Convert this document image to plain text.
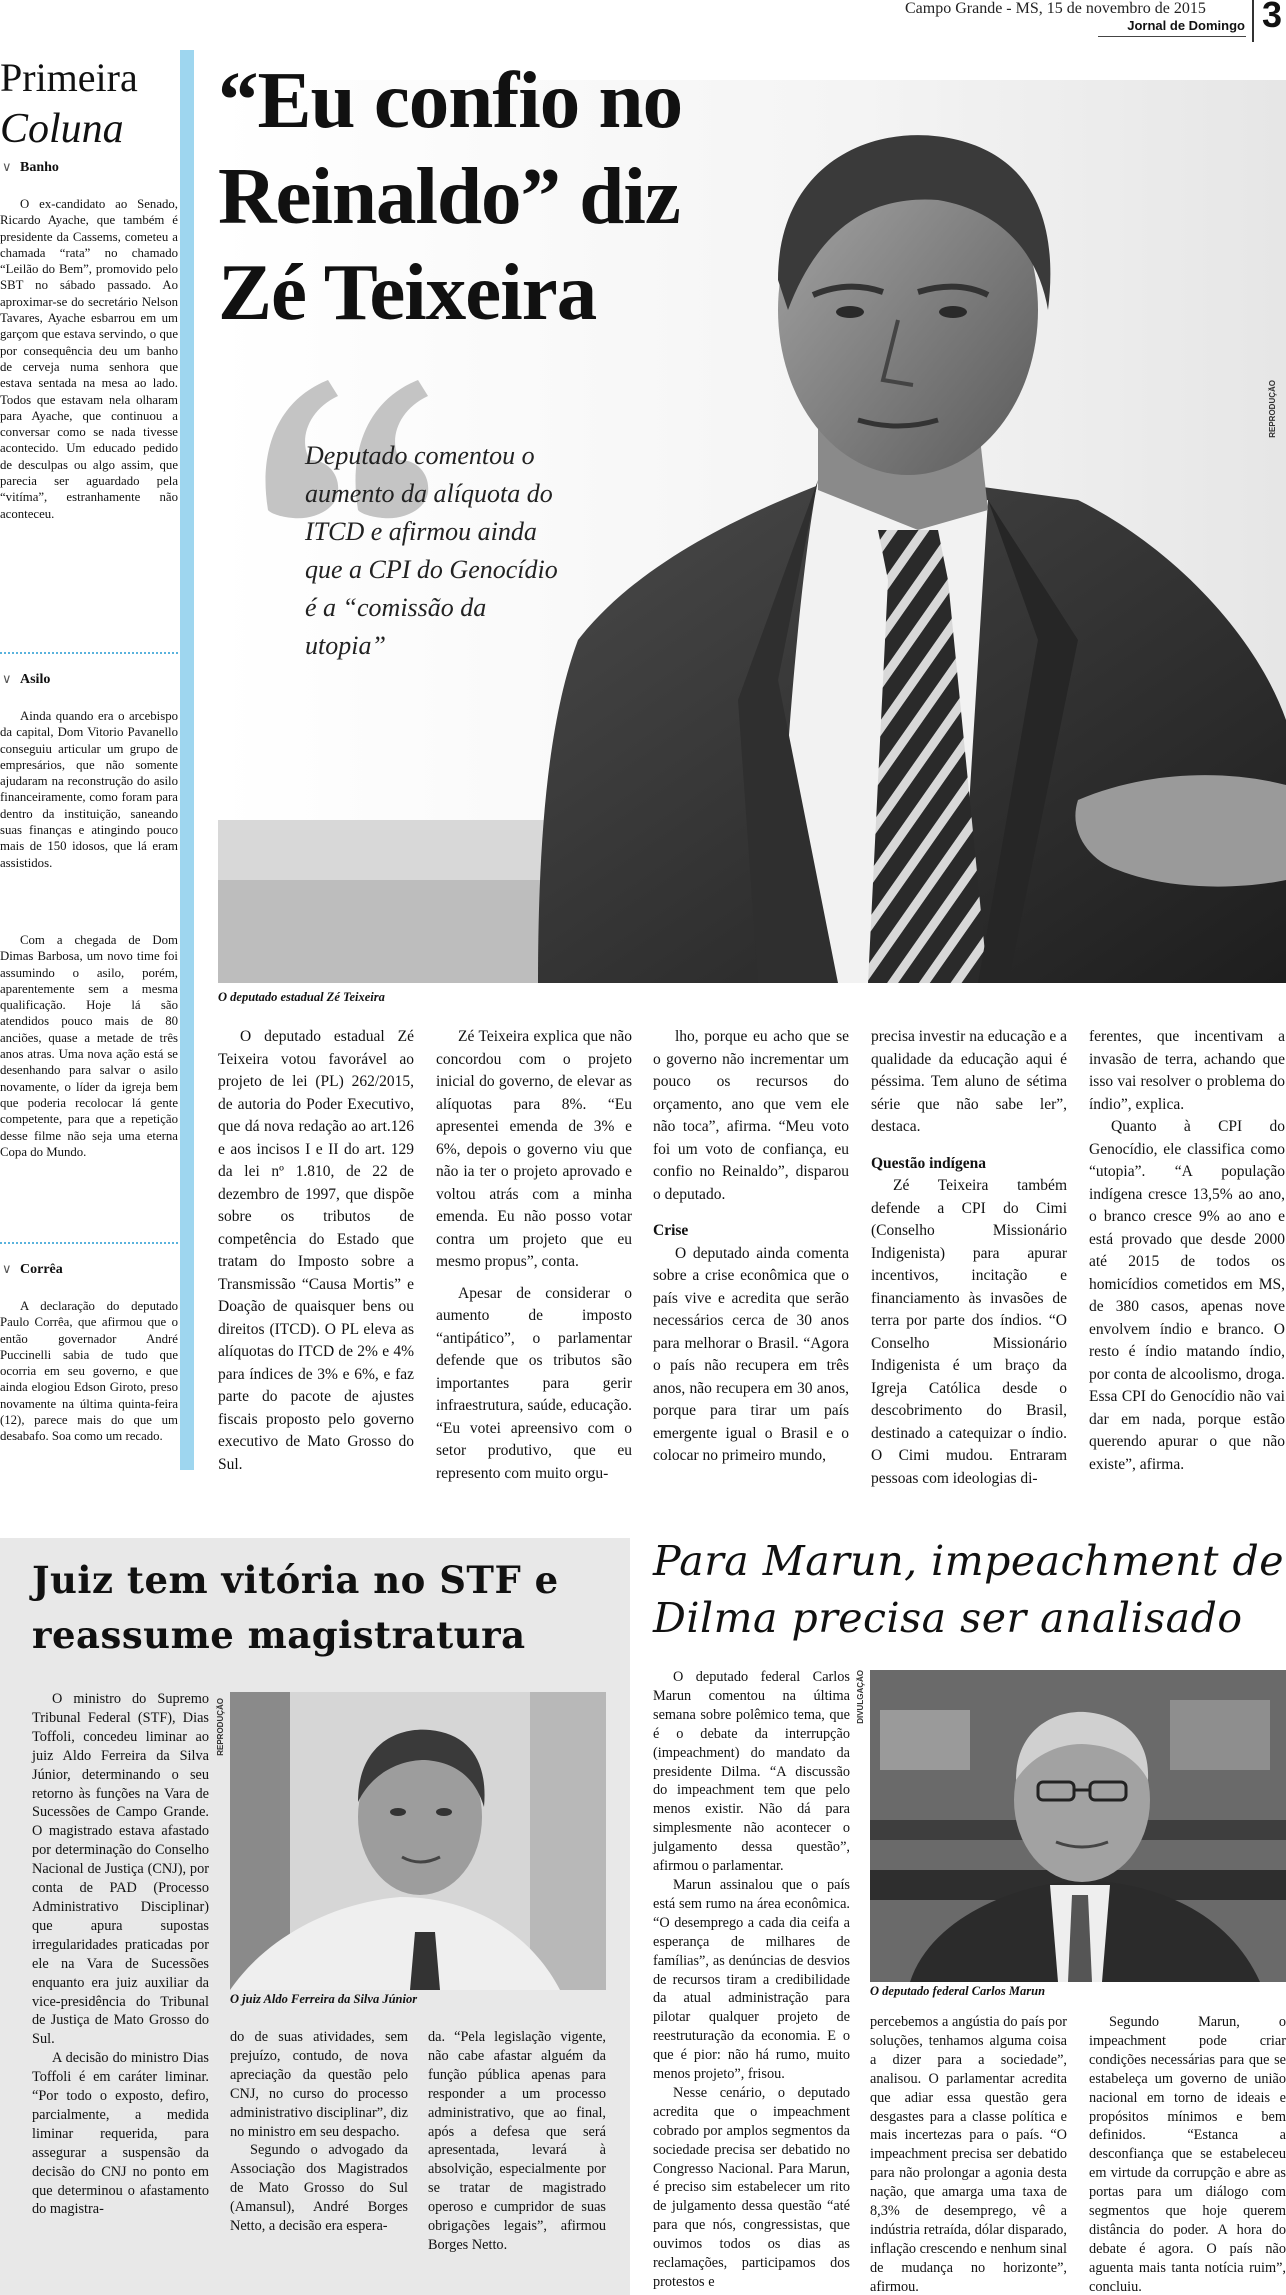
Campo Grande - MS, 15 de novembro de 2015
Jornal de Domingo 3
Primeira
Coluna
∨ Banho
O ex-candidato ao Senado, Ricardo Ayache, que também é presidente da Cassems, cometeu a chamada “rata” no chamado “Leilão do Bem”, promovido pelo SBT no sábado passado. Ao aproximar-se do secretário Nelson Tavares, Ayache esbarrou em um garçom que estava servindo, o que por consequência deu um banho de cerveja numa senhora que estava sentada na mesa ao lado. Todos que estavam nela olharam para Ayache, que continuou a conversar como se nada tivesse acontecido. Um educado pedido de desculpas ou algo assim, que parecia ser aguardado pela “vitíma”, estranhamente não aconteceu.
∨ Asilo
Ainda quando era o arcebispo da capital, Dom Vitorio Pavanello conseguiu articular um grupo de empresários, que não somente ajudaram na reconstrução do asilo financeiramente, como foram para dentro da instituição, saneando suas finanças e atingindo pouco mais de 150 idosos, que lá eram assistidos.
Com a chegada de Dom Dimas Barbosa, um novo time foi assumindo o asilo, porém, aparentemente sem a mesma qualificação. Hoje lá são atendidos pouco mais de 80 anciões, quase a metade de três anos atras. Uma nova ação está se desenhando para salvar o asilo novamente, o líder da igreja bem que poderia recolocar lá gente competente, para que a repetição desse filme não seja uma eterna Copa do Mundo.
∨ Corrêa
A declaração do deputado Paulo Corrêa, que afirmou que o então governador André Puccinelli sabia de tudo que ocorria em seu governo, e que ainda elogiou Edson Giroto, preso novamente na última quinta-feira (12), parece mais do que um desabafo. Soa como um recado.
REPRODUÇÃO
O deputado estadual Zé Teixeira
“Eu confio no Reinaldo” diz Zé Teixeira
Deputado comentou o aumento da alíquota do ITCD e afirmou ainda que a CPI do Genocídio é a “comissão da utopia”

O deputado estadual Zé Teixeira votou favorável ao projeto de lei (PL) 262/2015, de autoria do Poder Executivo, que dá nova redação ao art.126 e aos incisos I e II do art. 129 da lei nº 1.810, de 22 de dezembro de 1997, que dispõe sobre os tributos de competência do Estado que tratam do Imposto sobre a Transmissão “Causa Mortis” e Doação de quaisquer bens ou direitos (ITCD). O PL eleva as alíquotas do ITCD de 2% e 4% para índices de 3% e 6%, e faz parte do pacote de ajustes fiscais proposto pelo governo executivo de Mato Grosso do Sul.

Zé Teixeira explica que não concordou com o projeto inicial do governo, de elevar as alíquotas para 8%. “Eu apresentei emenda de 3% e 6%, depois o governo viu que não ia ter o projeto aprovado e voltou atrás com a minha emenda. Eu não posso votar contra um projeto que eu mesmo propus”, conta.

Apesar de considerar o aumento de imposto “antipático”, o parlamentar defende que os tributos são importantes para gerir infraestrutura, saúde, educação. “Eu votei apreensivo com o setor produtivo, que eu represento com muito orgu-

lho, porque eu acho que se o governo não incrementar um pouco os recursos do orçamento, ano que vem ele não toca”, afirma. “Meu voto foi um voto de confiança, eu confio no Reinaldo”, disparou o deputado.

Crise

O deputado ainda comenta sobre a crise econômica que o país vive e acredita que serão necessários cerca de 30 anos para melhorar o Brasil. “Agora o país não recupera em três anos, não recupera em 30 anos, porque para tirar um país emergente igual o Brasil e o colocar no primeiro mundo,

precisa investir na educação e a qualidade da educação aqui é péssima. Tem aluno de sétima série que não sabe ler”, destaca.

Questão indígena

Zé Teixeira também defende a CPI do Cimi (Conselho Missionário Indigenista) para apurar incentivos, incitação e financiamento às invasões de terra por parte dos índios. “O Conselho Missionário Indigenista é um braço da Igreja Católica desde o descobrimento do Brasil, destinado a catequizar o índio. O Cimi mudou. Entraram pessoas com ideologias di-

ferentes, que incentivam a invasão de terra, achando que isso vai resolver o problema do índio”, explica.

Quanto à CPI do Genocídio, ele classifica como “utopia”. “A população indígena cresce 13,5% ao ano, o branco cresce 9% ao ano e está provado que desde 2000 até 2015 de todos os homicídios cometidos em MS, de 380 casos, apenas nove envolvem índio e branco. O resto é índio matando índio, por conta de alcoolismo, droga. Essa CPI do Genocídio não vai dar em nada, porque estão querendo apurar o que não existe”, afirma.

Juiz tem vitória no STF e reassume magistratura
REPRODUÇÃO
O juiz Aldo Ferreira da Silva Júnior

O ministro do Supremo Tribunal Federal (STF), Dias Toffoli, concedeu liminar ao juiz Aldo Ferreira da Silva Júnior, determinando o seu retorno às funções na Vara de Sucessões de Campo Grande. O magistrado estava afastado por determinação do Conselho Nacional de Justiça (CNJ), por conta de PAD (Processo Administrativo Disciplinar) que apura supostas irregularidades praticadas por ele na Vara de Sucessões enquanto era juiz auxiliar da vice-presidência do Tribunal de Justiça de Mato Grosso do Sul.

A decisão do ministro Dias Toffoli é em caráter liminar. “Por todo o exposto, defiro, parcialmente, a medida liminar requerida, para assegurar a suspensão da decisão do CNJ no ponto em que determinou o afastamento do magistra-

do de suas atividades, sem prejuízo, contudo, de nova apreciação da questão pelo CNJ, no curso do processo administrativo disciplinar”, diz no ministro em seu despacho.

Segundo o advogado da Associação dos Magistrados de Mato Grosso do Sul (Amansul), André Borges Netto, a decisão era espera-

da. “Pela legislação vigente, não cabe afastar alguém da função pública apenas para responder a um processo administrativo, que ao final, após a defesa que será apresentada, levará à absolvição, especialmente por se tratar de magistrado operoso e cumpridor de suas obrigações legais”, afirmou Borges Netto.

Para Marun, impeachment de Dilma precisa ser analisado
DIVULGAÇÃO
O deputado federal Carlos Marun

O deputado federal Carlos Marun comentou na última semana sobre polêmico tema, que é o debate da interrupção (impeachment) do mandato da presidente Dilma. “A discussão do impeachment tem que pelo menos existir. Não dá para simplesmente não acontecer o julgamento dessa questão”, afirmou o parlamentar.

Marun assinalou que o país está sem rumo na área econômica. “O desemprego a cada dia ceifa a esperança de milhares de famílias”, as denúncias de desvios de recursos tiram a credibilidade da atual administração para pilotar qualquer projeto de reestruturação da economia. E o que é pior: não há rumo, muito menos projeto”, frisou.

Nesse cenário, o deputado acredita que o impeachment cobrado por amplos segmentos da sociedade precisa ser debatido no Congresso Nacional. Para Marun, é preciso sim estabelecer um rito de julgamento dessa questão “até para que nós, congressistas, que ouvimos todos os dias as reclamações, participamos dos protestos e

percebemos a angústia do país por soluções, tenhamos alguma coisa a dizer para a sociedade”, analisou. O parlamentar acredita que adiar essa questão gera desgastes para a classe política e mais incertezas para o país. “O impeachment precisa ser debatido para não prolongar a agonia desta nação, que amarga uma taxa de 8,3% de desemprego, vê a indústria retraída, dólar disparado, inflação crescendo e nenhum sinal de mudança no horizonte”, afirmou.

Segundo Marun, o impeachment pode criar condições necessárias para que se estabeleça um governo de união nacional em torno de ideais e propósitos mínimos e bem definidos. “Estanca a desconfiança que se estabeleceu em virtude da corrupção e abre as portas para um diálogo com segmentos que hoje querem distância do poder. A hora do debate é agora. O país não aguenta mais tanta notícia ruim”, concluiu.
